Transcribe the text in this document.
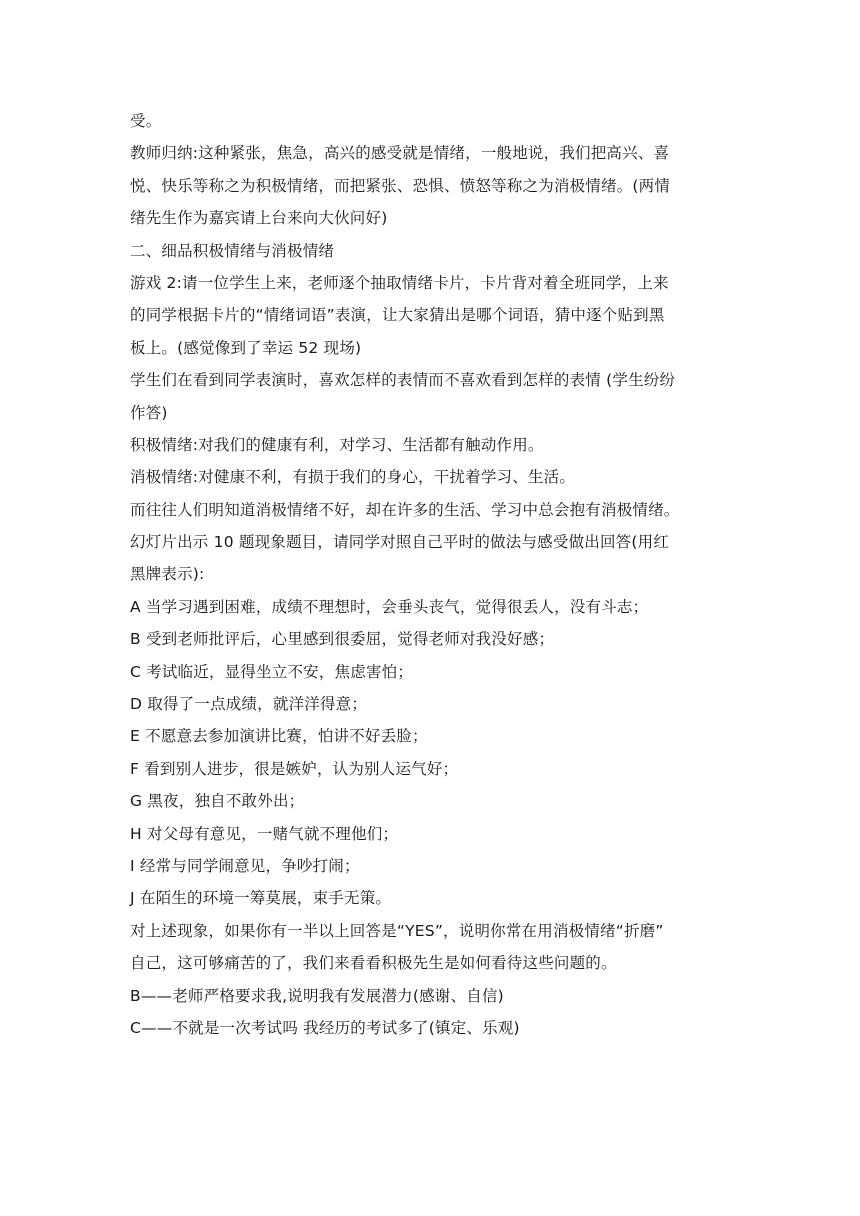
受。
教师归纳:这种紧张，焦急，高兴的感受就是情绪，一般地说，我们把高兴、喜
悦、快乐等称之为积极情绪，而把紧张、恐惧、愤怒等称之为消极情绪。(两情
绪先生作为嘉宾请上台来向大伙问好)
二、细品积极情绪与消极情绪
游戏 2:请一位学生上来，老师逐个抽取情绪卡片，卡片背对着全班同学，上来
的同学根据卡片的“情绪词语”表演，让大家猜出是哪个词语，猜中逐个贴到黑
板上。(感觉像到了幸运 52 现场)
学生们在看到同学表演时，喜欢怎样的表情而不喜欢看到怎样的表情 (学生纷纷
作答)
积极情绪:对我们的健康有利，对学习、生活都有触动作用。
消极情绪:对健康不利，有损于我们的身心，干扰着学习、生活。
而往往人们明知道消极情绪不好，却在许多的生活、学习中总会抱有消极情绪。
幻灯片出示 10 题现象题目，请同学对照自己平时的做法与感受做出回答(用红
黑牌表示):
A 当学习遇到困难，成绩不理想时，会垂头丧气，觉得很丢人，没有斗志；
B 受到老师批评后，心里感到很委屈，觉得老师对我没好感；
C 考试临近，显得坐立不安，焦虑害怕；
D 取得了一点成绩，就洋洋得意；
E 不愿意去参加演讲比赛，怕讲不好丢脸；
F 看到别人进步，很是嫉妒，认为别人运气好；
G 黑夜，独自不敢外出；
H 对父母有意见，一赌气就不理他们；
I 经常与同学闹意见，争吵打闹；
J 在陌生的环境一筹莫展，束手无策。
对上述现象，如果你有一半以上回答是“YES”，说明你常在用消极情绪“折磨”
自己，这可够痛苦的了，我们来看看积极先生是如何看待这些问题的。
B——老师严格要求我,说明我有发展潜力(感谢、自信)
C——不就是一次考试吗 我经历的考试多了(镇定、乐观)
